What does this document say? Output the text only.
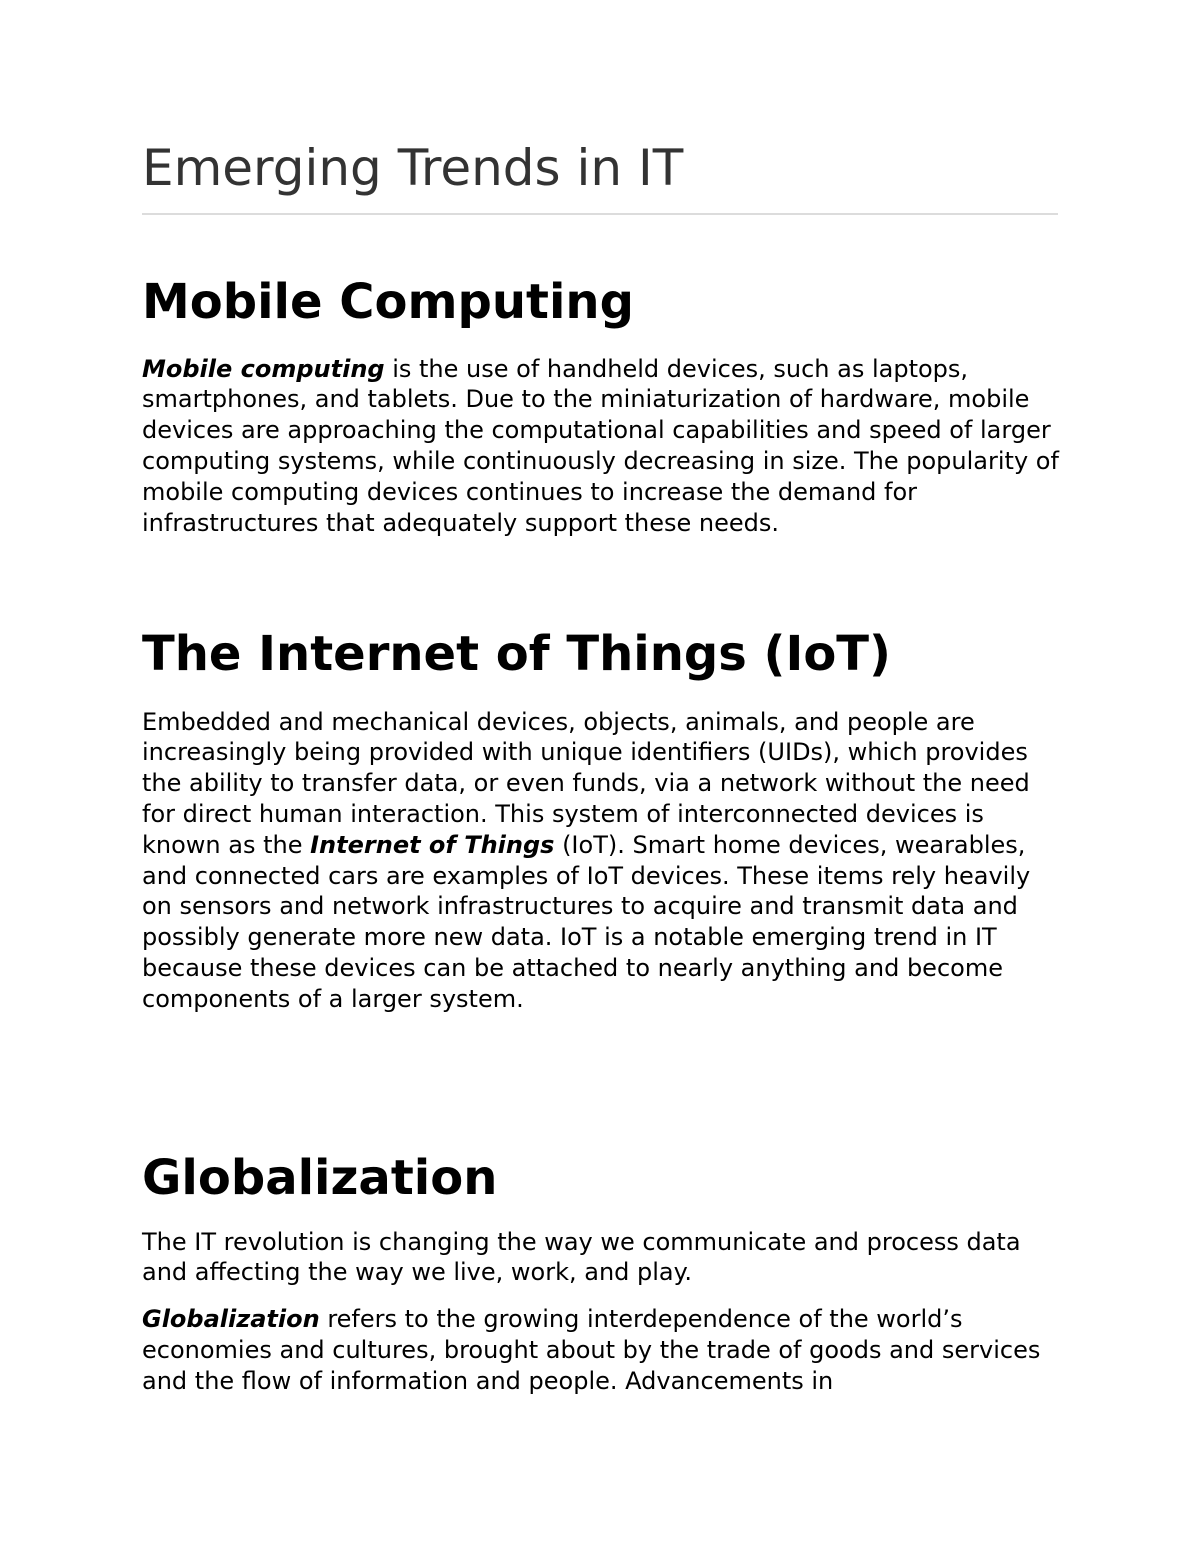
Emerging Trends in IT
Mobile Computing

Mobile computing is the use of handheld devices, such as laptops, smartphones, and tablets. Due to the miniaturization of hardware, mobile devices are approaching the computational capabilities and speed of larger computing systems, while continuously decreasing in size. The popularity of mobile computing devices continues to increase the demand for infrastructures that adequately support these needs.

The Internet of Things (IoT)

Embedded and mechanical devices, objects, animals, and people are increasingly being provided with unique identifiers (UIDs), which provides the ability to transfer data, or even funds, via a network without the need for direct human interaction. This system of interconnected devices is known as the Internet of Things (IoT). Smart home devices, wearables, and connected cars are examples of IoT devices. These items rely heavily on sensors and network infrastructures to acquire and transmit data and possibly generate more new data. IoT is a notable emerging trend in IT because these devices can be attached to nearly anything and become components of a larger system.

Globalization

The IT revolution is changing the way we communicate and process data and affecting the way we live, work, and play.

Globalization refers to the growing interdependence of the world’s economies and cultures, brought about by the trade of goods and services and the flow of information and people. Advancements in
